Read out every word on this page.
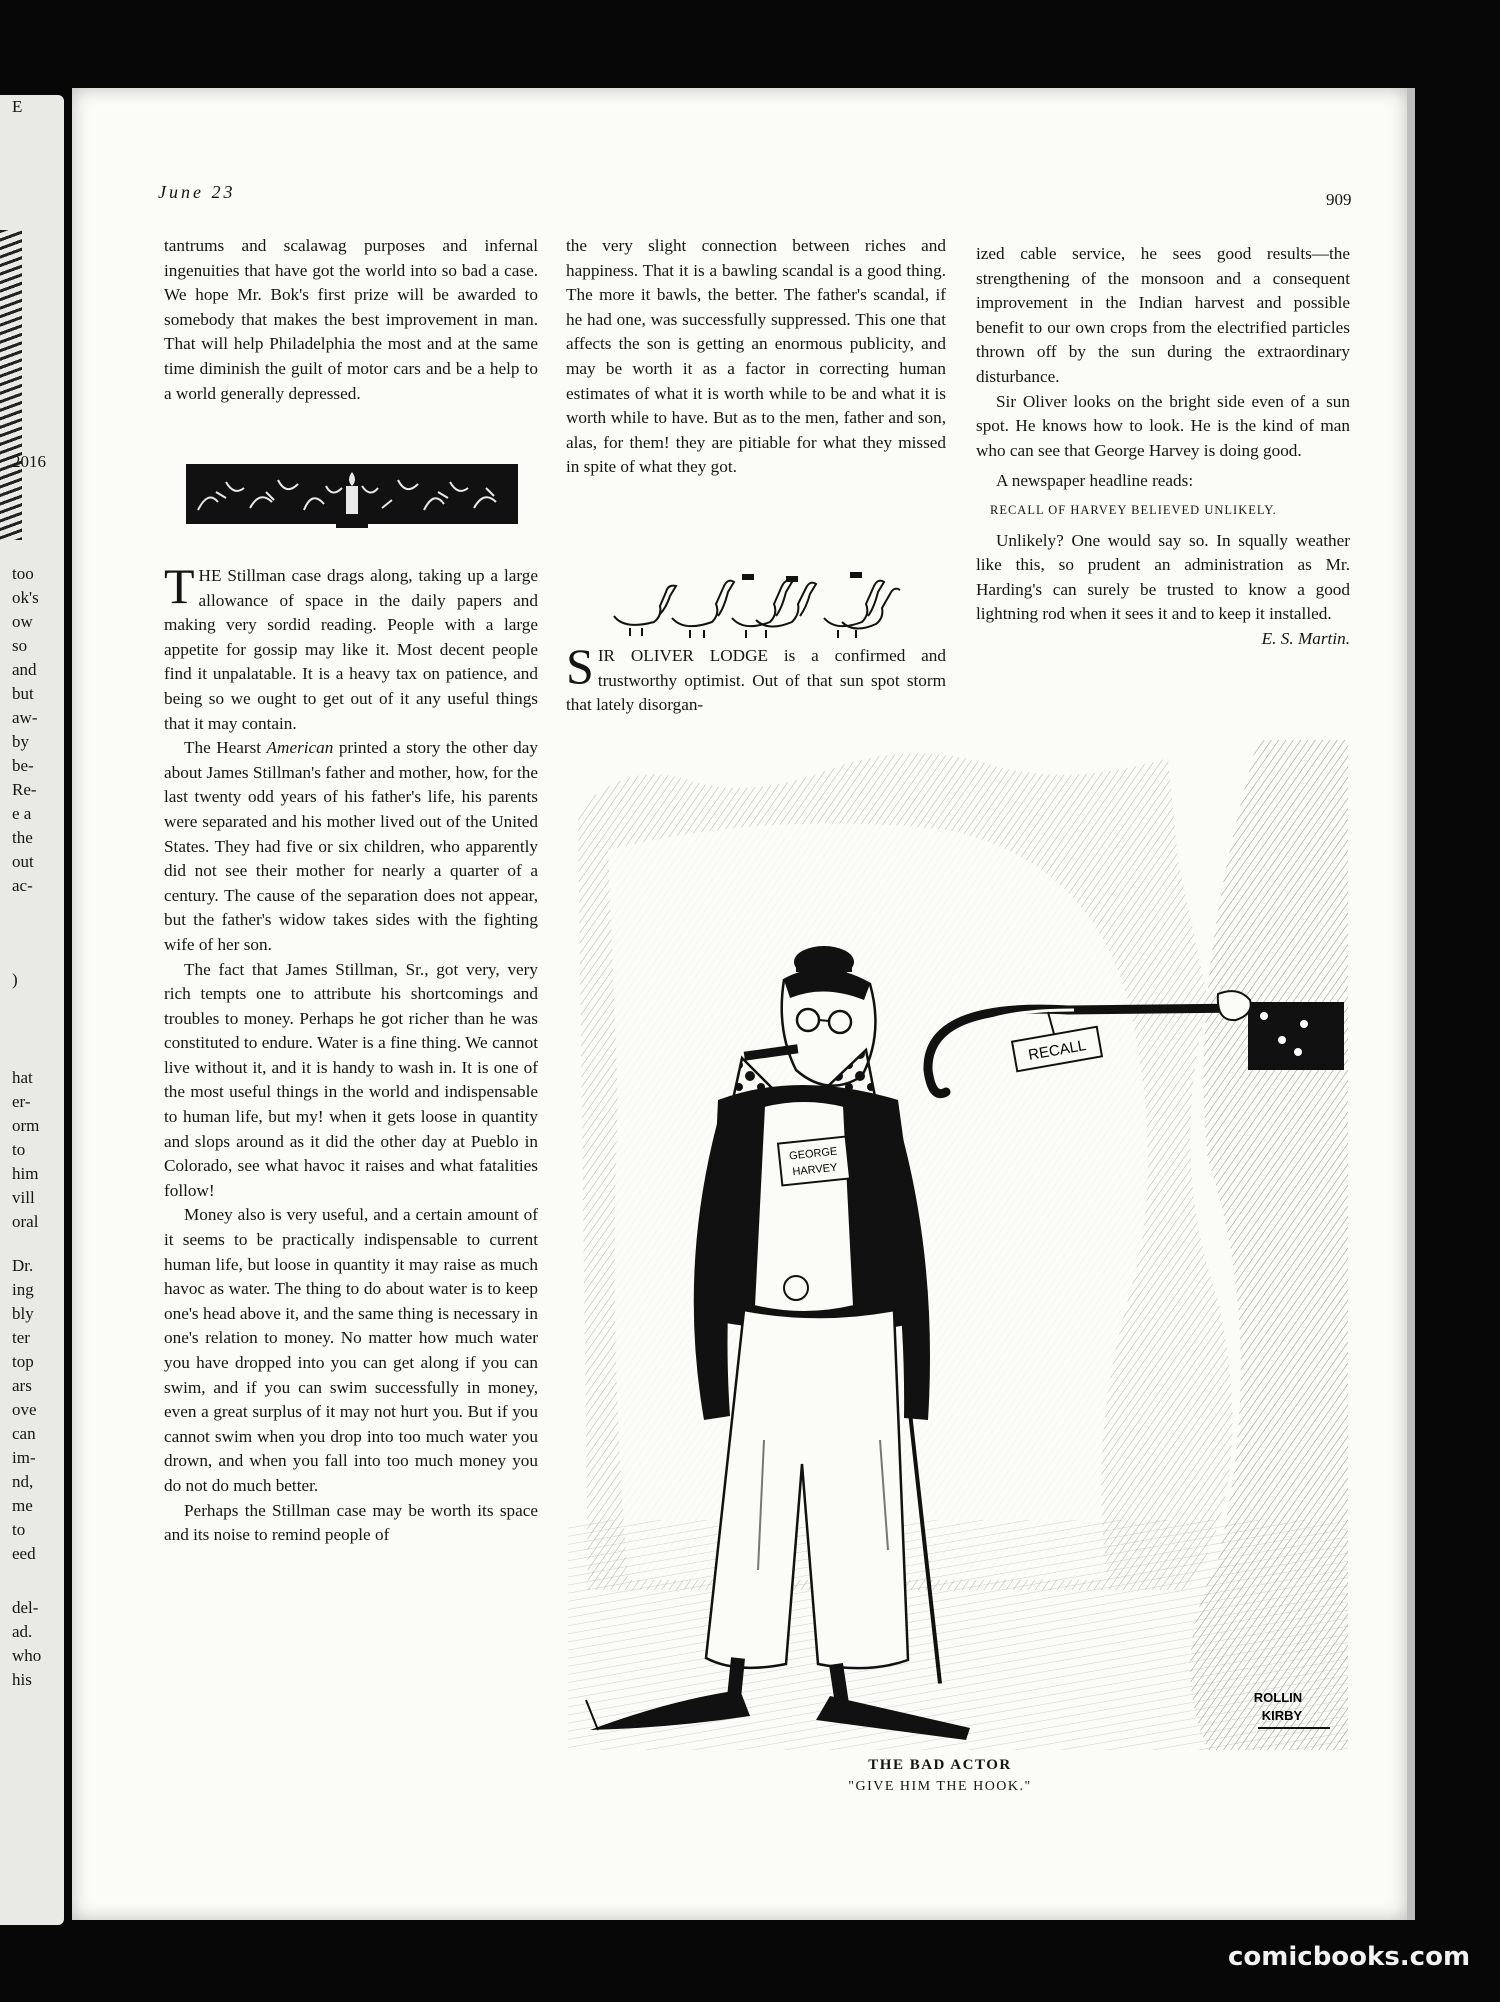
E
2016
too
ok's
ow
so
and
but
aw-
by
be-
Re-
e a
the
out
ac-
)
hat
er-
orm
to
him
vill
oral
Dr.
ing
bly
ter
top
ars
ove
can
im-
nd,
me
to
eed
del-
ad.
who
his
June 23	909

tantrums and scalawag purposes and infernal ingenuities that have got the world into so bad a case. We hope Mr. Bok's first prize will be awarded to somebody that makes the best improvement in man. That will help Philadelphia the most and at the same time diminish the guilt of motor cars and be a help to a world generally depressed.

THE Stillman case drags along, taking up a large allowance of space in the daily papers and making very sordid reading. People with a large appetite for gossip may like it. Most decent people find it unpalatable. It is a heavy tax on patience, and being so we ought to get out of it any useful things that it may contain.

The Hearst American printed a story the other day about James Stillman's father and mother, how, for the last twenty odd years of his father's life, his parents were separated and his mother lived out of the United States. They had five or six children, who apparently did not see their mother for nearly a quarter of a century. The cause of the separation does not appear, but the father's widow takes sides with the fighting wife of her son.

The fact that James Stillman, Sr., got very, very rich tempts one to attribute his shortcomings and troubles to money. Perhaps he got richer than he was constituted to endure. Water is a fine thing. We cannot live without it, and it is handy to wash in. It is one of the most useful things in the world and indispensable to human life, but my! when it gets loose in quantity and slops around as it did the other day at Pueblo in Colorado, see what havoc it raises and what fatalities follow!

Money also is very useful, and a certain amount of it seems to be practically indispensable to current human life, but loose in quantity it may raise as much havoc as water. The thing to do about water is to keep one's head above it, and the same thing is necessary in one's relation to money. No matter how much water you have dropped into you can get along if you can swim, and if you can swim successfully in money, even a great surplus of it may not hurt you. But if you cannot swim when you drop into too much water you drown, and when you fall into too much money you do not do much better.

Perhaps the Stillman case may be worth its space and its noise to remind people of

the very slight connection between riches and happiness. That it is a bawling scandal is a good thing. The more it bawls, the better. The father's scandal, if he had one, was successfully suppressed. This one that affects the son is getting an enormous publicity, and may be worth it as a factor in correcting human estimates of what it is worth while to be and what it is worth while to have. But as to the men, father and son, alas, for them! they are pitiable for what they missed in spite of what they got.

SIR OLIVER LODGE is a confirmed and trustworthy optimist. Out of that sun spot storm that lately disorgan-

ized cable service, he sees good results—the strengthening of the monsoon and a consequent improvement in the Indian harvest and possible benefit to our own crops from the electrified particles thrown off by the sun during the extraordinary disturbance.

Sir Oliver looks on the bright side even of a sun spot. He knows how to look. He is the kind of man who can see that George Harvey is doing good.

A newspaper headline reads:

RECALL OF HARVEY BELIEVED UNLIKELY.

Unlikely? One would say so. In squally weather like this, so prudent an administration as Mr. Harding's can surely be trusted to know a good lightning rod when it sees it and to keep it installed.

E. S. Martin.

RECALL
GEORGE
HARVEY
ROLLIN
KIRBY
THE BAD ACTOR
"GIVE HIM THE HOOK."
comicbooks.com
